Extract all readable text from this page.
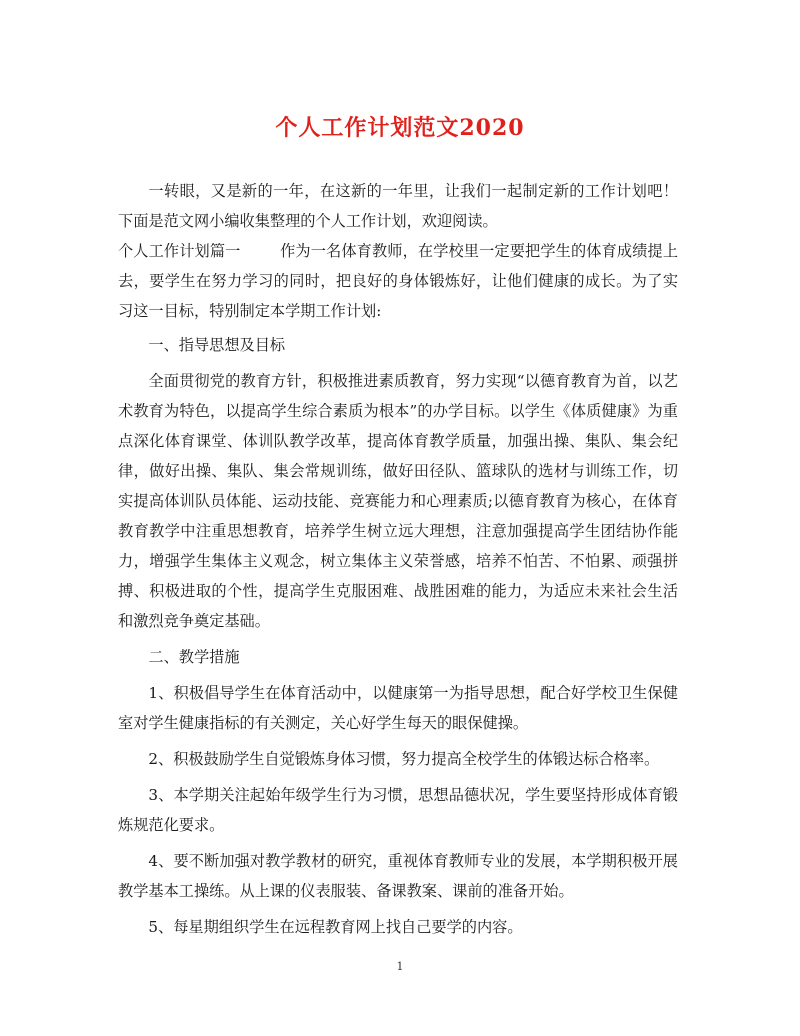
个人工作计划范文2020

一转眼，又是新的一年，在这新的一年里，让我们一起制定新的工作计划吧！下面是范文网小编收集整理的个人工作计划，欢迎阅读。

个人工作计划篇一	作为一名体育教师，在学校里一定要把学生的体育成绩提上去，要学生在努力学习的同时，把良好的身体锻炼好，让他们健康的成长。为了实习这一目标，特别制定本学期工作计划:

一、指导思想及目标

全面贯彻党的教育方针，积极推进素质教育，努力实现“以德育教育为首，以艺术教育为特色，以提高学生综合素质为根本”的办学目标。以学生《体质健康》为重点深化体育课堂、体训队教学改革，提高体育教学质量，加强出操、集队、集会纪律，做好出操、集队、集会常规训练，做好田径队、篮球队的选材与训练工作，切实提高体训队员体能、运动技能、竞赛能力和心理素质;以德育教育为核心，在体育教育教学中注重思想教育，培养学生树立远大理想，注意加强提高学生团结协作能力，增强学生集体主义观念，树立集体主义荣誉感，培养不怕苦、不怕累、顽强拼搏、积极进取的个性，提高学生克服困难、战胜困难的能力，为适应未来社会生活和激烈竞争奠定基础。

二、教学措施

1、积极倡导学生在体育活动中，以健康第一为指导思想，配合好学校卫生保健室对学生健康指标的有关测定，关心好学生每天的眼保健操。

2、积极鼓励学生自觉锻炼身体习惯，努力提高全校学生的体锻达标合格率。

3、本学期关注起始年级学生行为习惯，思想品德状况，学生要坚持形成体育锻炼规范化要求。

4、要不断加强对教学教材的研究，重视体育教师专业的发展，本学期积极开展教学基本工操练。从上课的仪表服装、备课教案、课前的准备开始。

5、每星期组织学生在远程教育网上找自己要学的内容。

1
